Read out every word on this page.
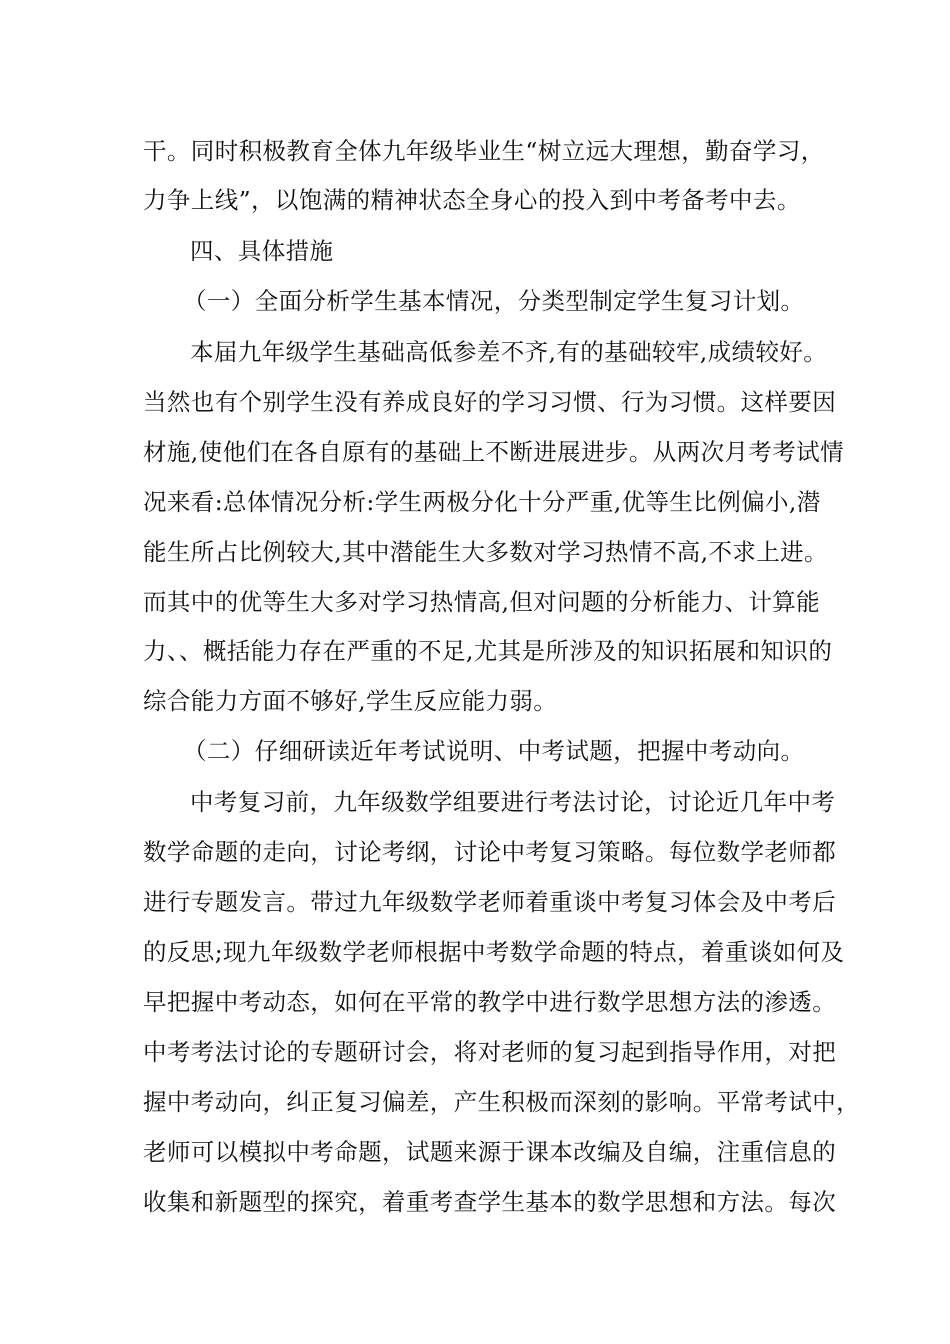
干。同时积极教育全体九年级毕业生“树立远大理想，勤奋学习，
力争上线”，以饱满的精神状态全身心的投入到中考备考中去。
四、具体措施
（一）全面分析学生基本情况，分类型制定学生复习计划。
本届九年级学生基础高低参差不齐,有的基础较牢,成绩较好。
当然也有个别学生没有养成良好的学习习惯、行为习惯。这样要因
材施,使他们在各自原有的基础上不断进展进步。从两次月考考试情
况来看:总体情况分析:学生两极分化十分严重,优等生比例偏小,潜
能生所占比例较大,其中潜能生大多数对学习热情不高,不求上进。
而其中的优等生大多对学习热情高,但对问题的分析能力、计算能
力、、概括能力存在严重的不足,尤其是所涉及的知识拓展和知识的
综合能力方面不够好,学生反应能力弱。
（二）仔细研读近年考试说明、中考试题，把握中考动向。
中考复习前，九年级数学组要进行考法讨论，讨论近几年中考
数学命题的走向，讨论考纲，讨论中考复习策略。每位数学老师都
进行专题发言。带过九年级数学老师着重谈中考复习体会及中考后
的反思;现九年级数学老师根据中考数学命题的特点，着重谈如何及
早把握中考动态，如何在平常的教学中进行数学思想方法的渗透。
中考考法讨论的专题研讨会，将对老师的复习起到指导作用，对把
握中考动向，纠正复习偏差，产生积极而深刻的影响。平常考试中，
老师可以模拟中考命题，试题来源于课本改编及自编，注重信息的
收集和新题型的探究，着重考查学生基本的数学思想和方法。每次
